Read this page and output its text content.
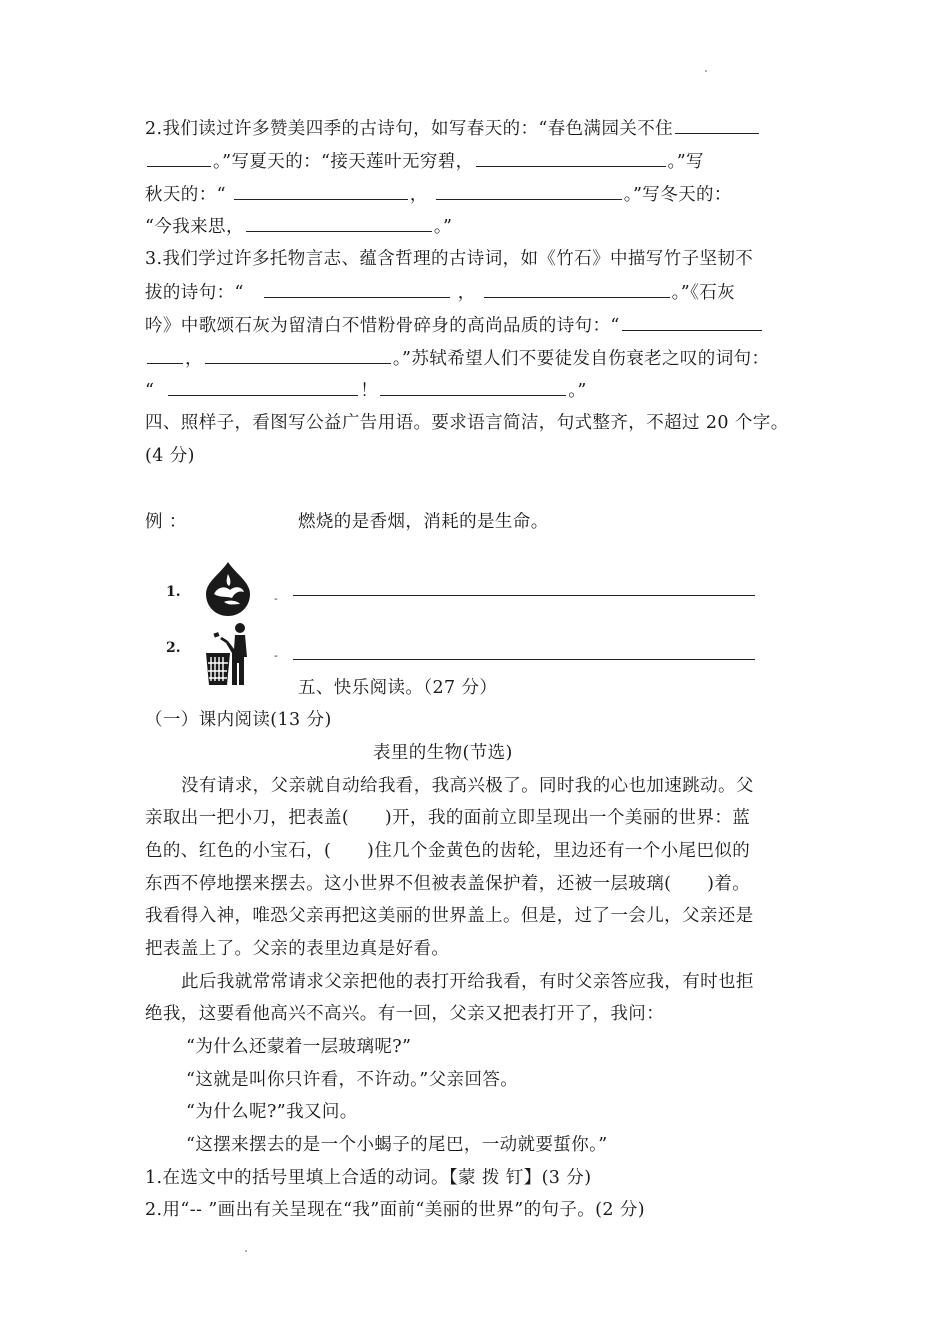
2.我们读过许多赞美四季的古诗句，如写春天的：“春色满园关不住
。”写夏天的：“接天莲叶无穷碧，	。”写
秋天的：“	，	。”写冬天的：
“今我来思，	。”
3.我们学过许多托物言志、蕴含哲理的古诗词，如《竹石》中描写竹子坚韧不
拔的诗句：“	，	。”《石灰
吟》中歌颂石灰为留清白不惜粉骨碎身的高尚品质的诗句：“
，	。”苏轼希望人们不要徒发自伤衰老之叹的词句：
“	！	。”
四、照样子，看图写公益广告用语。要求语言简洁，句式整齐，不超过 20 个字。
(4 分)
例 ：	燃烧的是香烟，消耗的是生命。
1.	-
2.	-
五、快乐阅读。（27 分）
（一）课内阅读(13 分)
表里的生物(节选)
没有请求，父亲就自动给我看，我高兴极了。同时我的心也加速跳动。父
亲取出一把小刀，把表盖(　　)开，我的面前立即呈现出一个美丽的世界：蓝
色的、红色的小宝石，(　　)住几个金黄色的齿轮，里边还有一个小尾巴似的
东西不停地摆来摆去。这小世界不但被表盖保护着，还被一层玻璃(　　)着。
我看得入神，唯恐父亲再把这美丽的世界盖上。但是，过了一会儿，父亲还是
把表盖上了。父亲的表里边真是好看。
此后我就常常请求父亲把他的表打开给我看，有时父亲答应我，有时也拒
绝我，这要看他高兴不高兴。有一回，父亲又把表打开了，我问：
“为什么还蒙着一层玻璃呢?”
“这就是叫你只许看，不许动。”父亲回答。
“为什么呢?”我又问。
“这摆来摆去的是一个小蝎子的尾巴，一动就要蜇你。”
1.在选文中的括号里填上合适的动词。【蒙 拨 钉】(3 分)
2.用“-- ”画出有关呈现在“我”面前“美丽的世界”的句子。(2 分)
